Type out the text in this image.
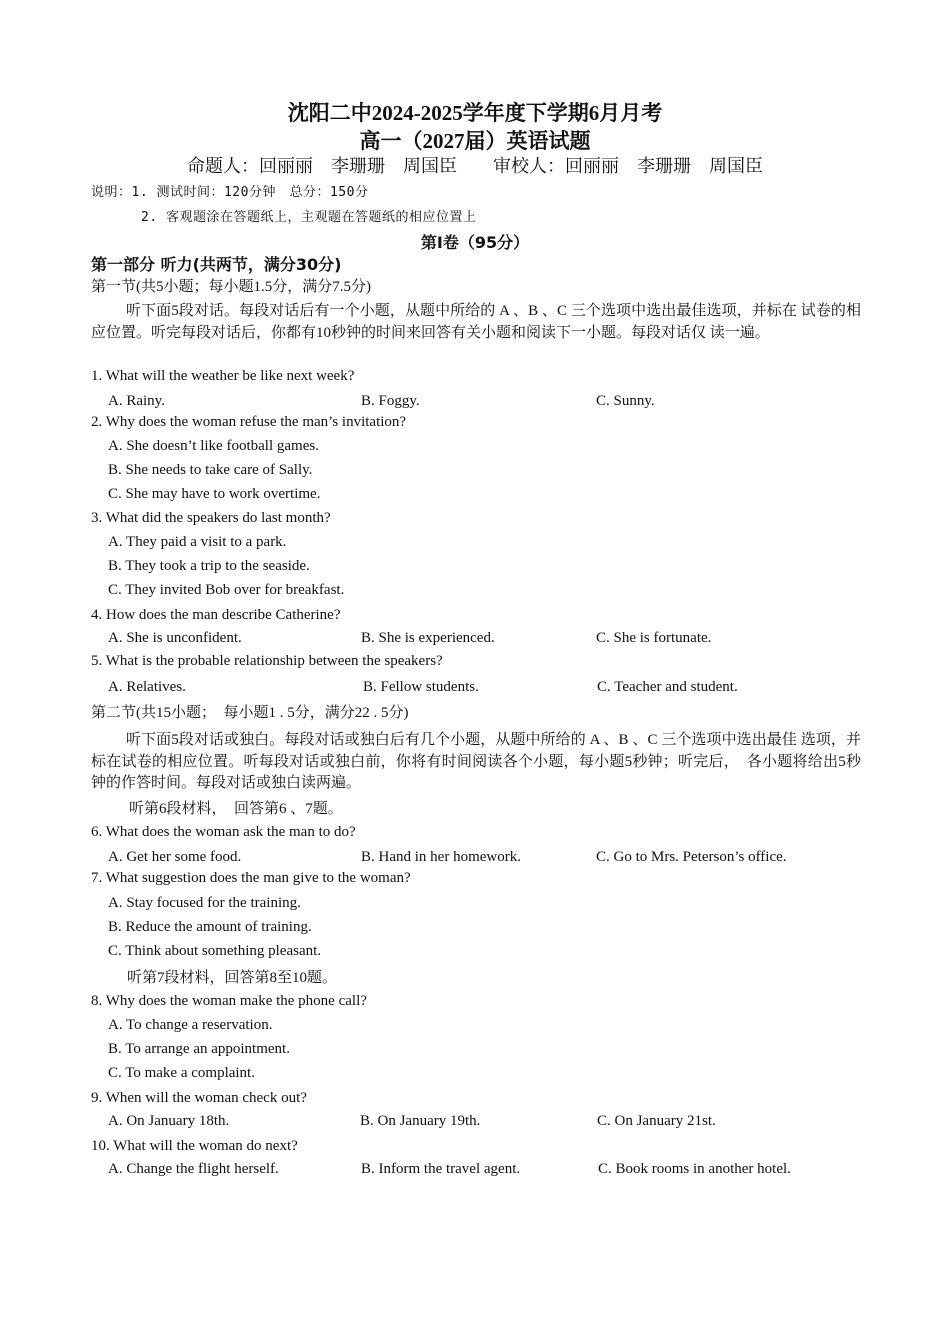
沈阳二中2024-2025学年度下学期6月月考
高一（2027届）英语试题
命题人：回丽丽　李珊珊　周国臣　　审校人：回丽丽　李珊珊　周国臣
说明：1. 测试时间：120分钟　总分：150分
2. 客观题涂在答题纸上，主观题在答题纸的相应位置上
第Ⅰ卷（95分）
第一部分 听力(共两节，满分30分)
第一节(共5小题；每小题1.5分，满分7.5分)
听下面5段对话。每段对话后有一个小题，从题中所给的 A 、B 、C 三个选项中选出最佳选项，并标在 试卷的相应位置。听完每段对话后，你都有10秒钟的时间来回答有关小题和阅读下一小题。每段对话仅 读一遍。
1. What will the weather be like next week?
A. Rainy.	B. Foggy.	C. Sunny.
2. Why does the woman refuse the man’s invitation?
A. She doesn’t like football games.
B. She needs to take care of Sally.
C. She may have to work overtime.
3. What did the speakers do last month?
A. They paid a visit to a park.
B. They took a trip to the seaside.
C. They invited Bob over for breakfast.
4. How does the man describe Catherine?
A. She is unconfident.	B. She is experienced.	C. She is fortunate.
5. What is the probable relationship between the speakers?
A. Relatives.	B. Fellow students.	C. Teacher and student.
第二节(共15小题；　每小题1 . 5分，满分22 . 5分)
听下面5段对话或独白。每段对话或独白后有几个小题，从题中所给的 A 、B 、C 三个选项中选出最佳 选项，并标在试卷的相应位置。听每段对话或独白前，你将有时间阅读各个小题，每小题5秒钟；听完后，　各小题将给出5秒钟的作答时间。每段对话或独白读两遍。
听第6段材料，　回答第6 、7题。
6. What does the woman ask the man to do?
A. Get her some food.	B. Hand in her homework.	C. Go to Mrs. Peterson’s office.
7. What suggestion does the man give to the woman?
A. Stay focused for the training.
B. Reduce the amount of training.
C. Think about something pleasant.
听第7段材料，回答第8至10题。
8. Why does the woman make the phone call?
A. To change a reservation.
B. To arrange an appointment.
C. To make a complaint.
9. When will the woman check out?
A. On January 18th.	B. On January 19th.	C. On January 21st.
10. What will the woman do next?
A. Change the flight herself.	B. Inform the travel agent.	C. Book rooms in another hotel.
